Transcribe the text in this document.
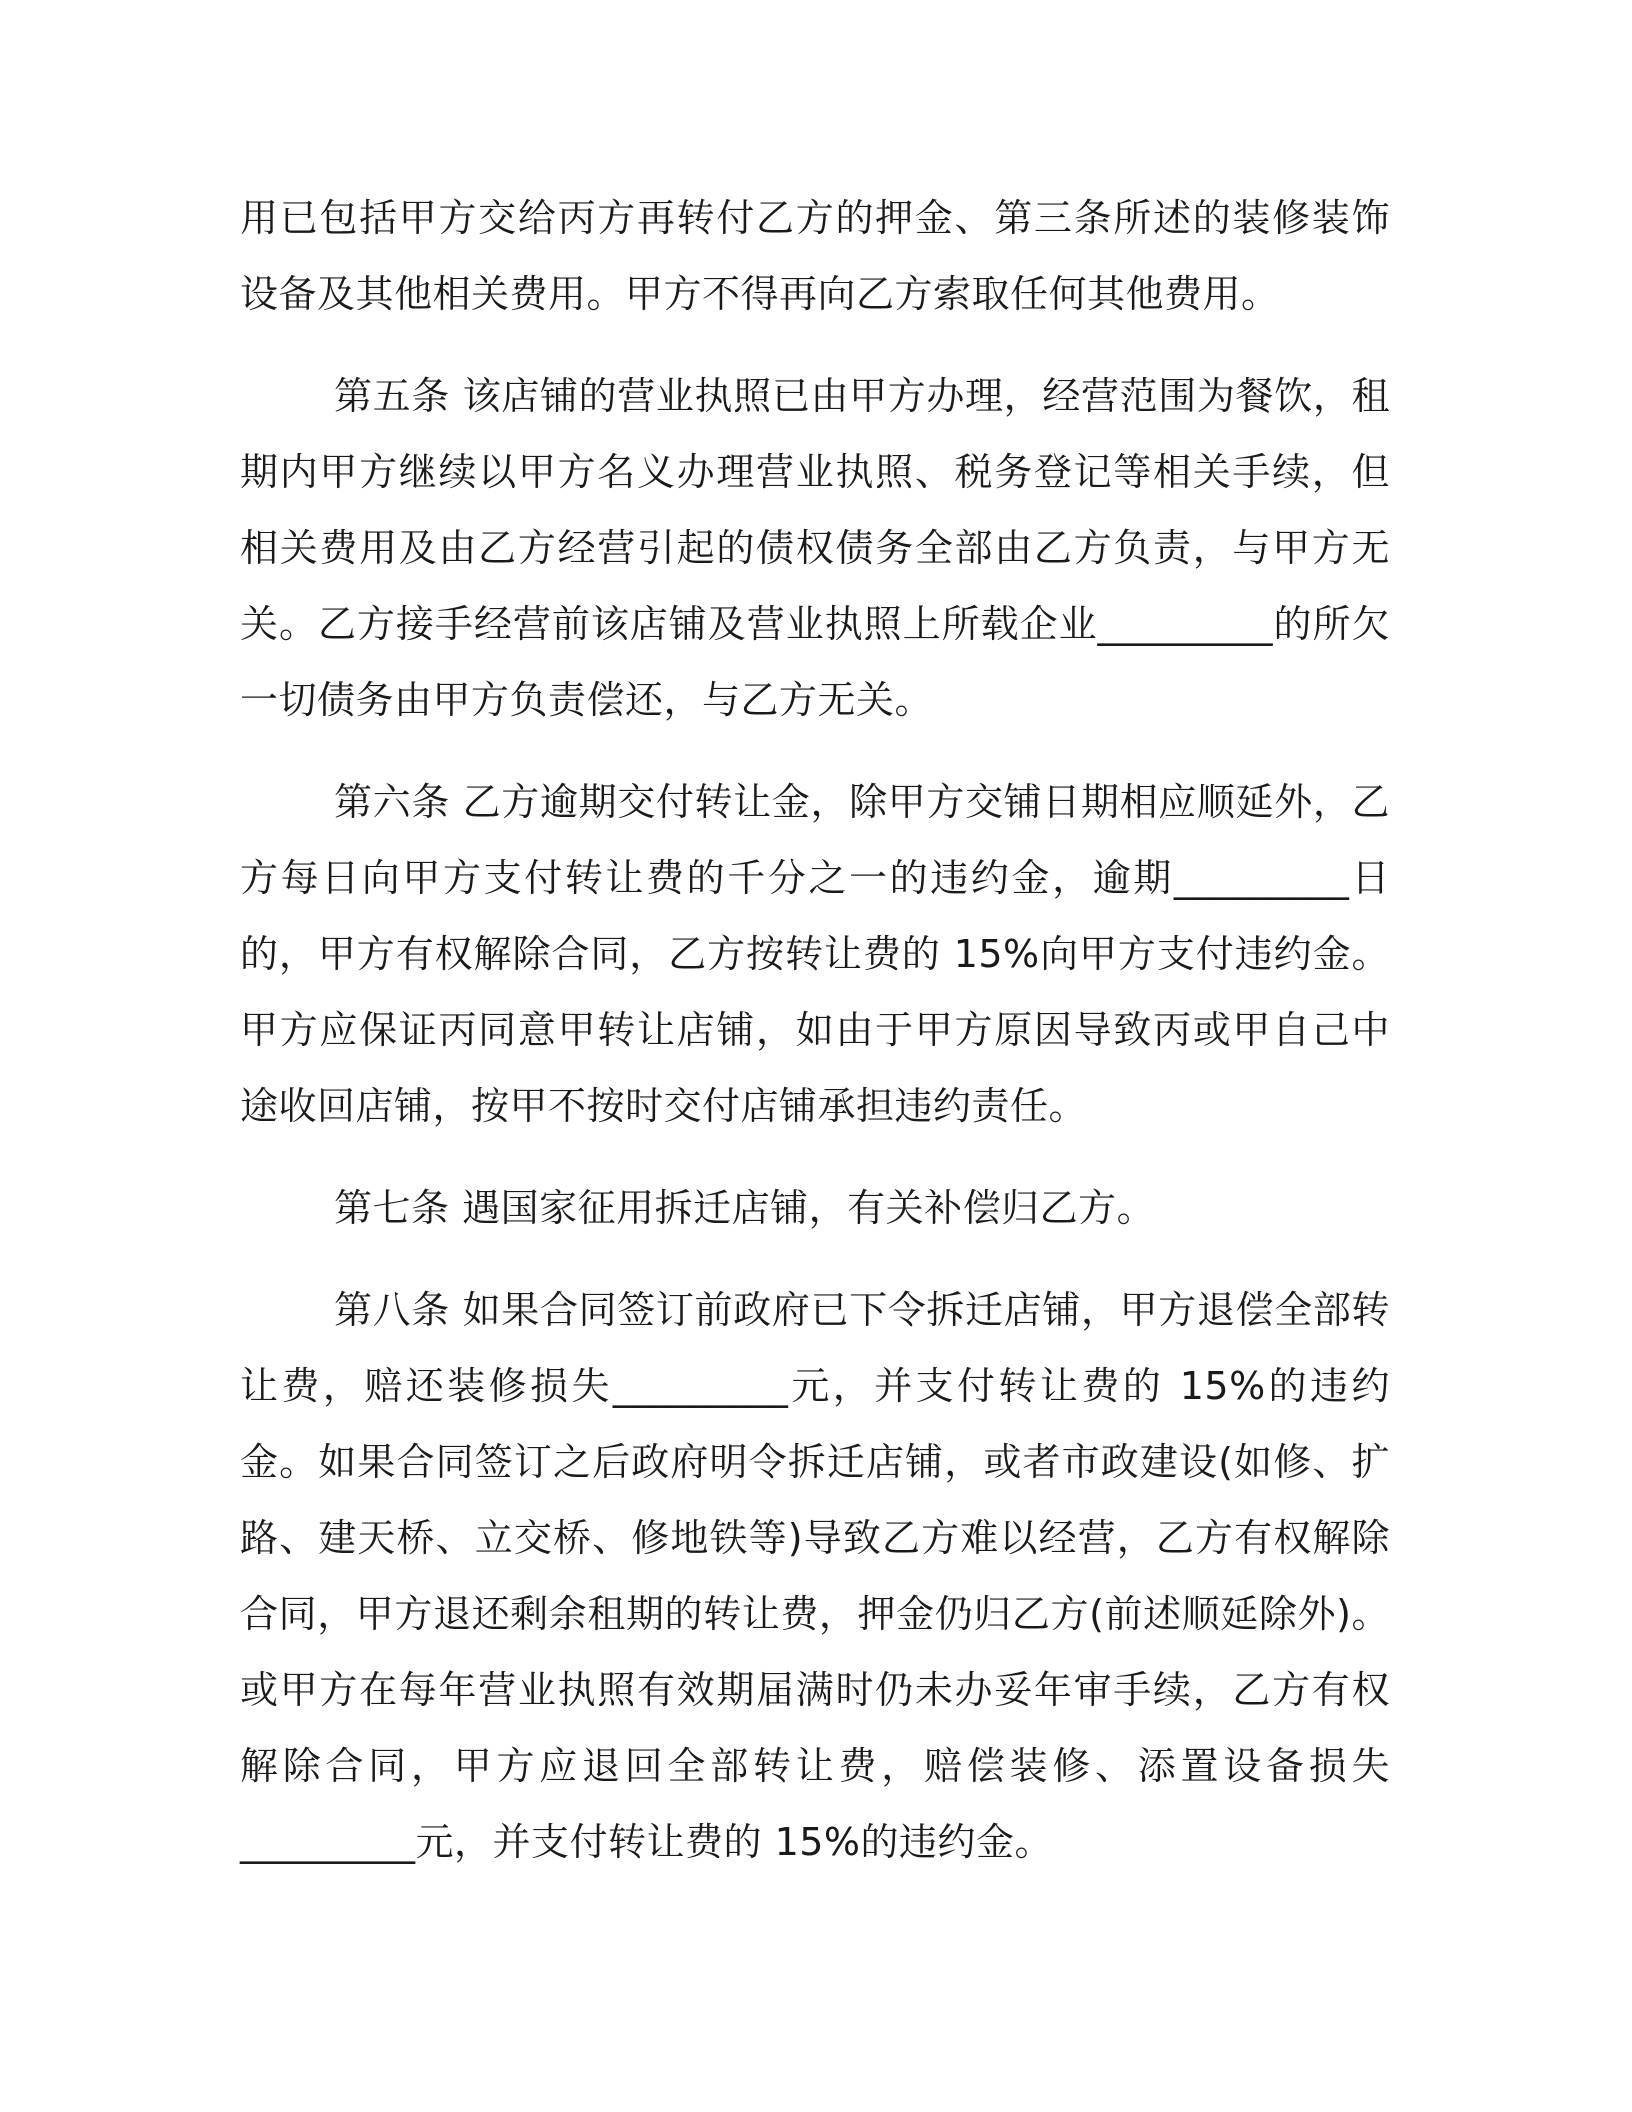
用已包括甲方交给丙方再转付乙方的押金、第三条所述的装修装饰设备及其他相关费用。甲方不得再向乙方索取任何其他费用。

第五条 该店铺的营业执照已由甲方办理，经营范围为餐饮，租期内甲方继续以甲方名义办理营业执照、税务登记等相关手续，但相关费用及由乙方经营引起的债权债务全部由乙方负责，与甲方无关。乙方接手经营前该店铺及营业执照上所载企业_________的所欠一切债务由甲方负责偿还，与乙方无关。

第六条 乙方逾期交付转让金，除甲方交铺日期相应顺延外，乙方每日向甲方支付转让费的千分之一的违约金，逾期_________日的，甲方有权解除合同，乙方按转让费的 15%向甲方支付违约金。甲方应保证丙同意甲转让店铺，如由于甲方原因导致丙或甲自己中途收回店铺，按甲不按时交付店铺承担违约责任。

第七条 遇国家征用拆迁店铺，有关补偿归乙方。

第八条 如果合同签订前政府已下令拆迁店铺，甲方退偿全部转让费，赔还装修损失_________元，并支付转让费的 15%的违约金。如果合同签订之后政府明令拆迁店铺，或者市政建设(如修、扩路、建天桥、立交桥、修地铁等)导致乙方难以经营，乙方有权解除合同，甲方退还剩余租期的转让费，押金仍归乙方(前述顺延除外)。或甲方在每年营业执照有效期届满时仍未办妥年审手续，乙方有权解除合同，甲方应退回全部转让费，赔偿装修、添置设备损失_________元，并支付转让费的 15%的违约金。
